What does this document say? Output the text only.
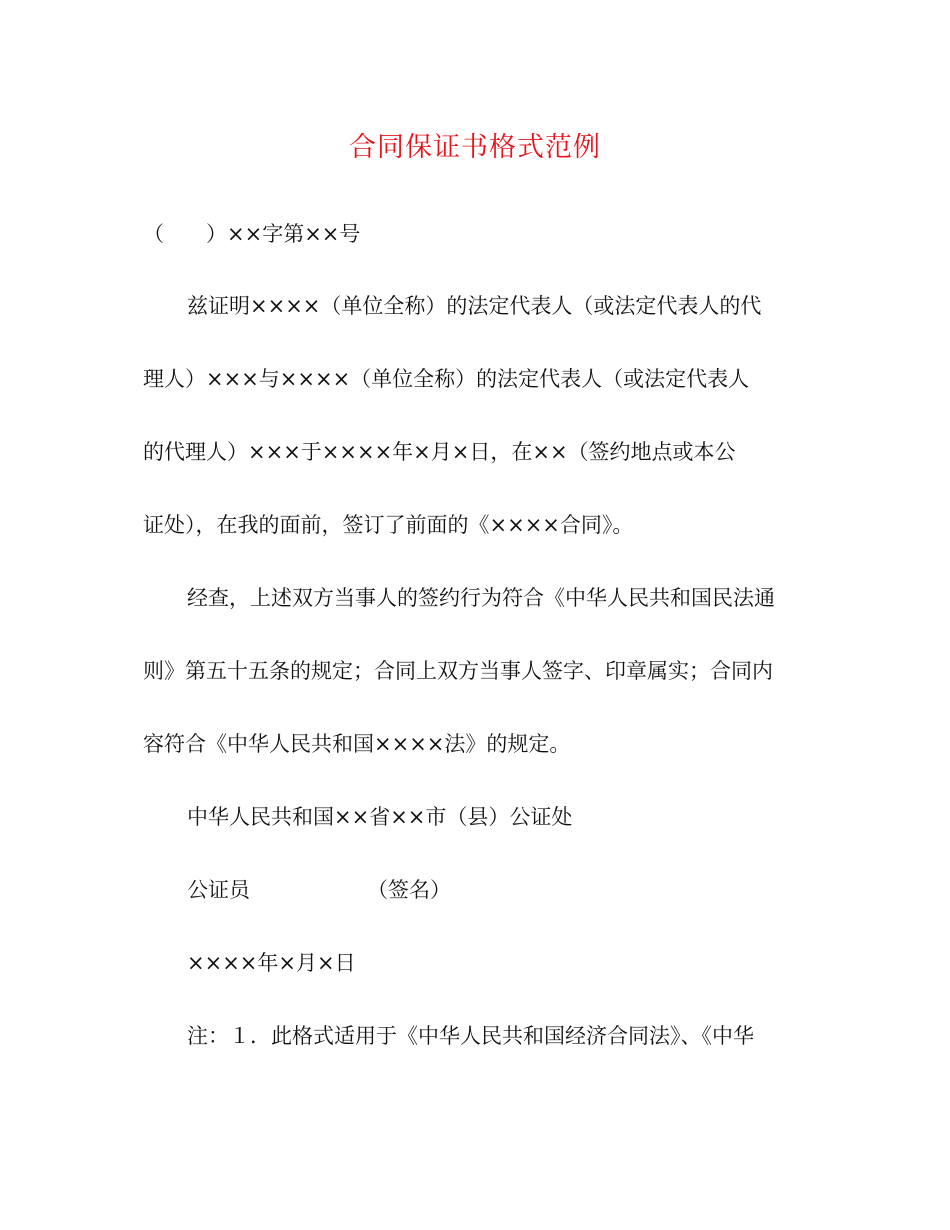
合同保证书格式范例
（　　）××字第××号
兹证明××××（单位全称）的法定代表人（或法定代表人的代
理人）×××与××××（单位全称）的法定代表人（或法定代表人
的代理人）×××于××××年×月×日，在××（签约地点或本公
证处），在我的面前，签订了前面的《××××合同》。
经查，上述双方当事人的签约行为符合《中华人民共和国民法通
则》第五十五条的规定；合同上双方当事人签字、印章属实；合同内
容符合《中华人民共和国××××法》的规定。
中华人民共和国××省××市（县）公证处
公证员	（签名）
××××年×月×日
注：１．此格式适用于《中华人民共和国经济合同法》、《中华
